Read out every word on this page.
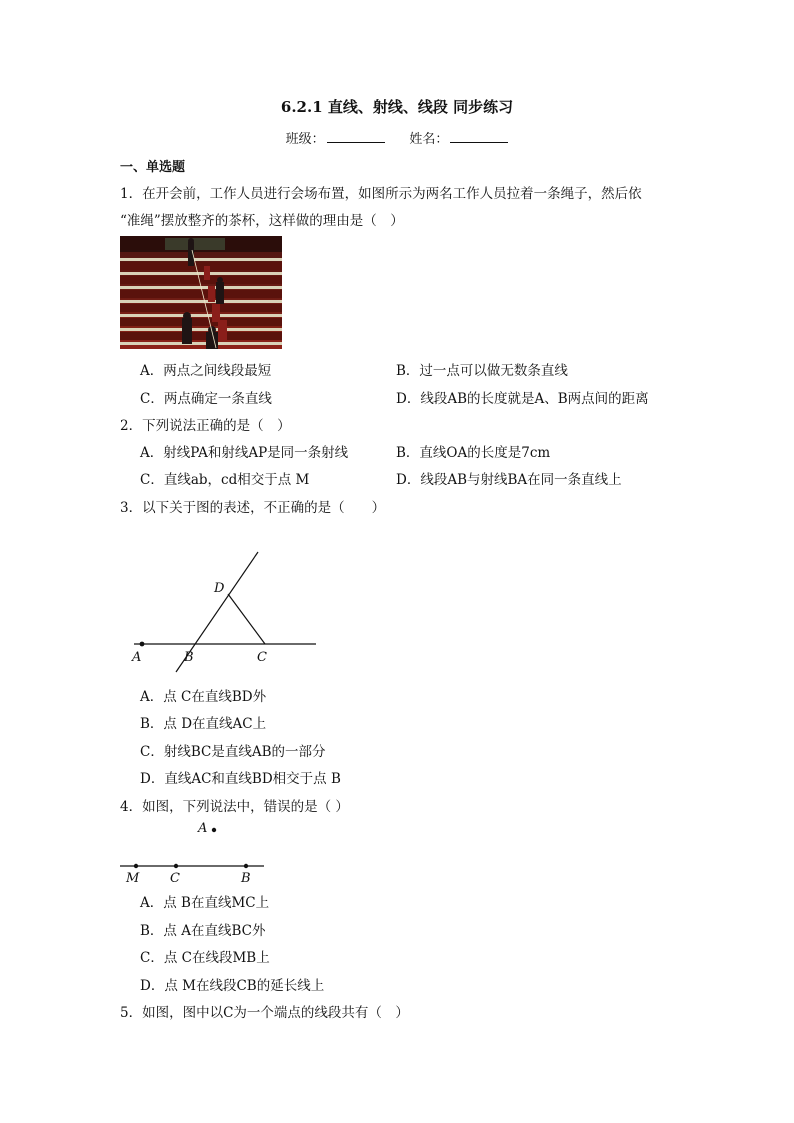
6.2.1 直线、射线、线段 同步练习
班级：	姓名：
一、单选题
1．在开会前，工作人员进行会场布置，如图所示为两名工作人员拉着一条绳子，然后依
“准绳”摆放整齐的茶杯，这样做的理由是（　）
A．两点之间线段最短	B．过一点可以做无数条直线
C．两点确定一条直线	D．线段AB的长度就是A、B两点间的距离
2．下列说法正确的是（　）
A．射线PA和射线AP是同一条射线	B．直线OA的长度是7cm
C．直线ab，cd相交于点 M	D．线段AB与射线BA在同一条直线上
3．以下关于图的表述，不正确的是（　　）
A	B	C
D
A．点 C在直线BD外
B．点 D在直线AC上
C．射线BC是直线AB的一部分
D．直线AC和直线BD相交于点 B
4．如图，下列说法中，错误的是（ ）
A
M C	B
A．点 B在直线MC上
B．点 A在直线BC外
C．点 C在线段MB上
D．点 M在线段CB的延长线上
5．如图，图中以C为一个端点的线段共有（　）
